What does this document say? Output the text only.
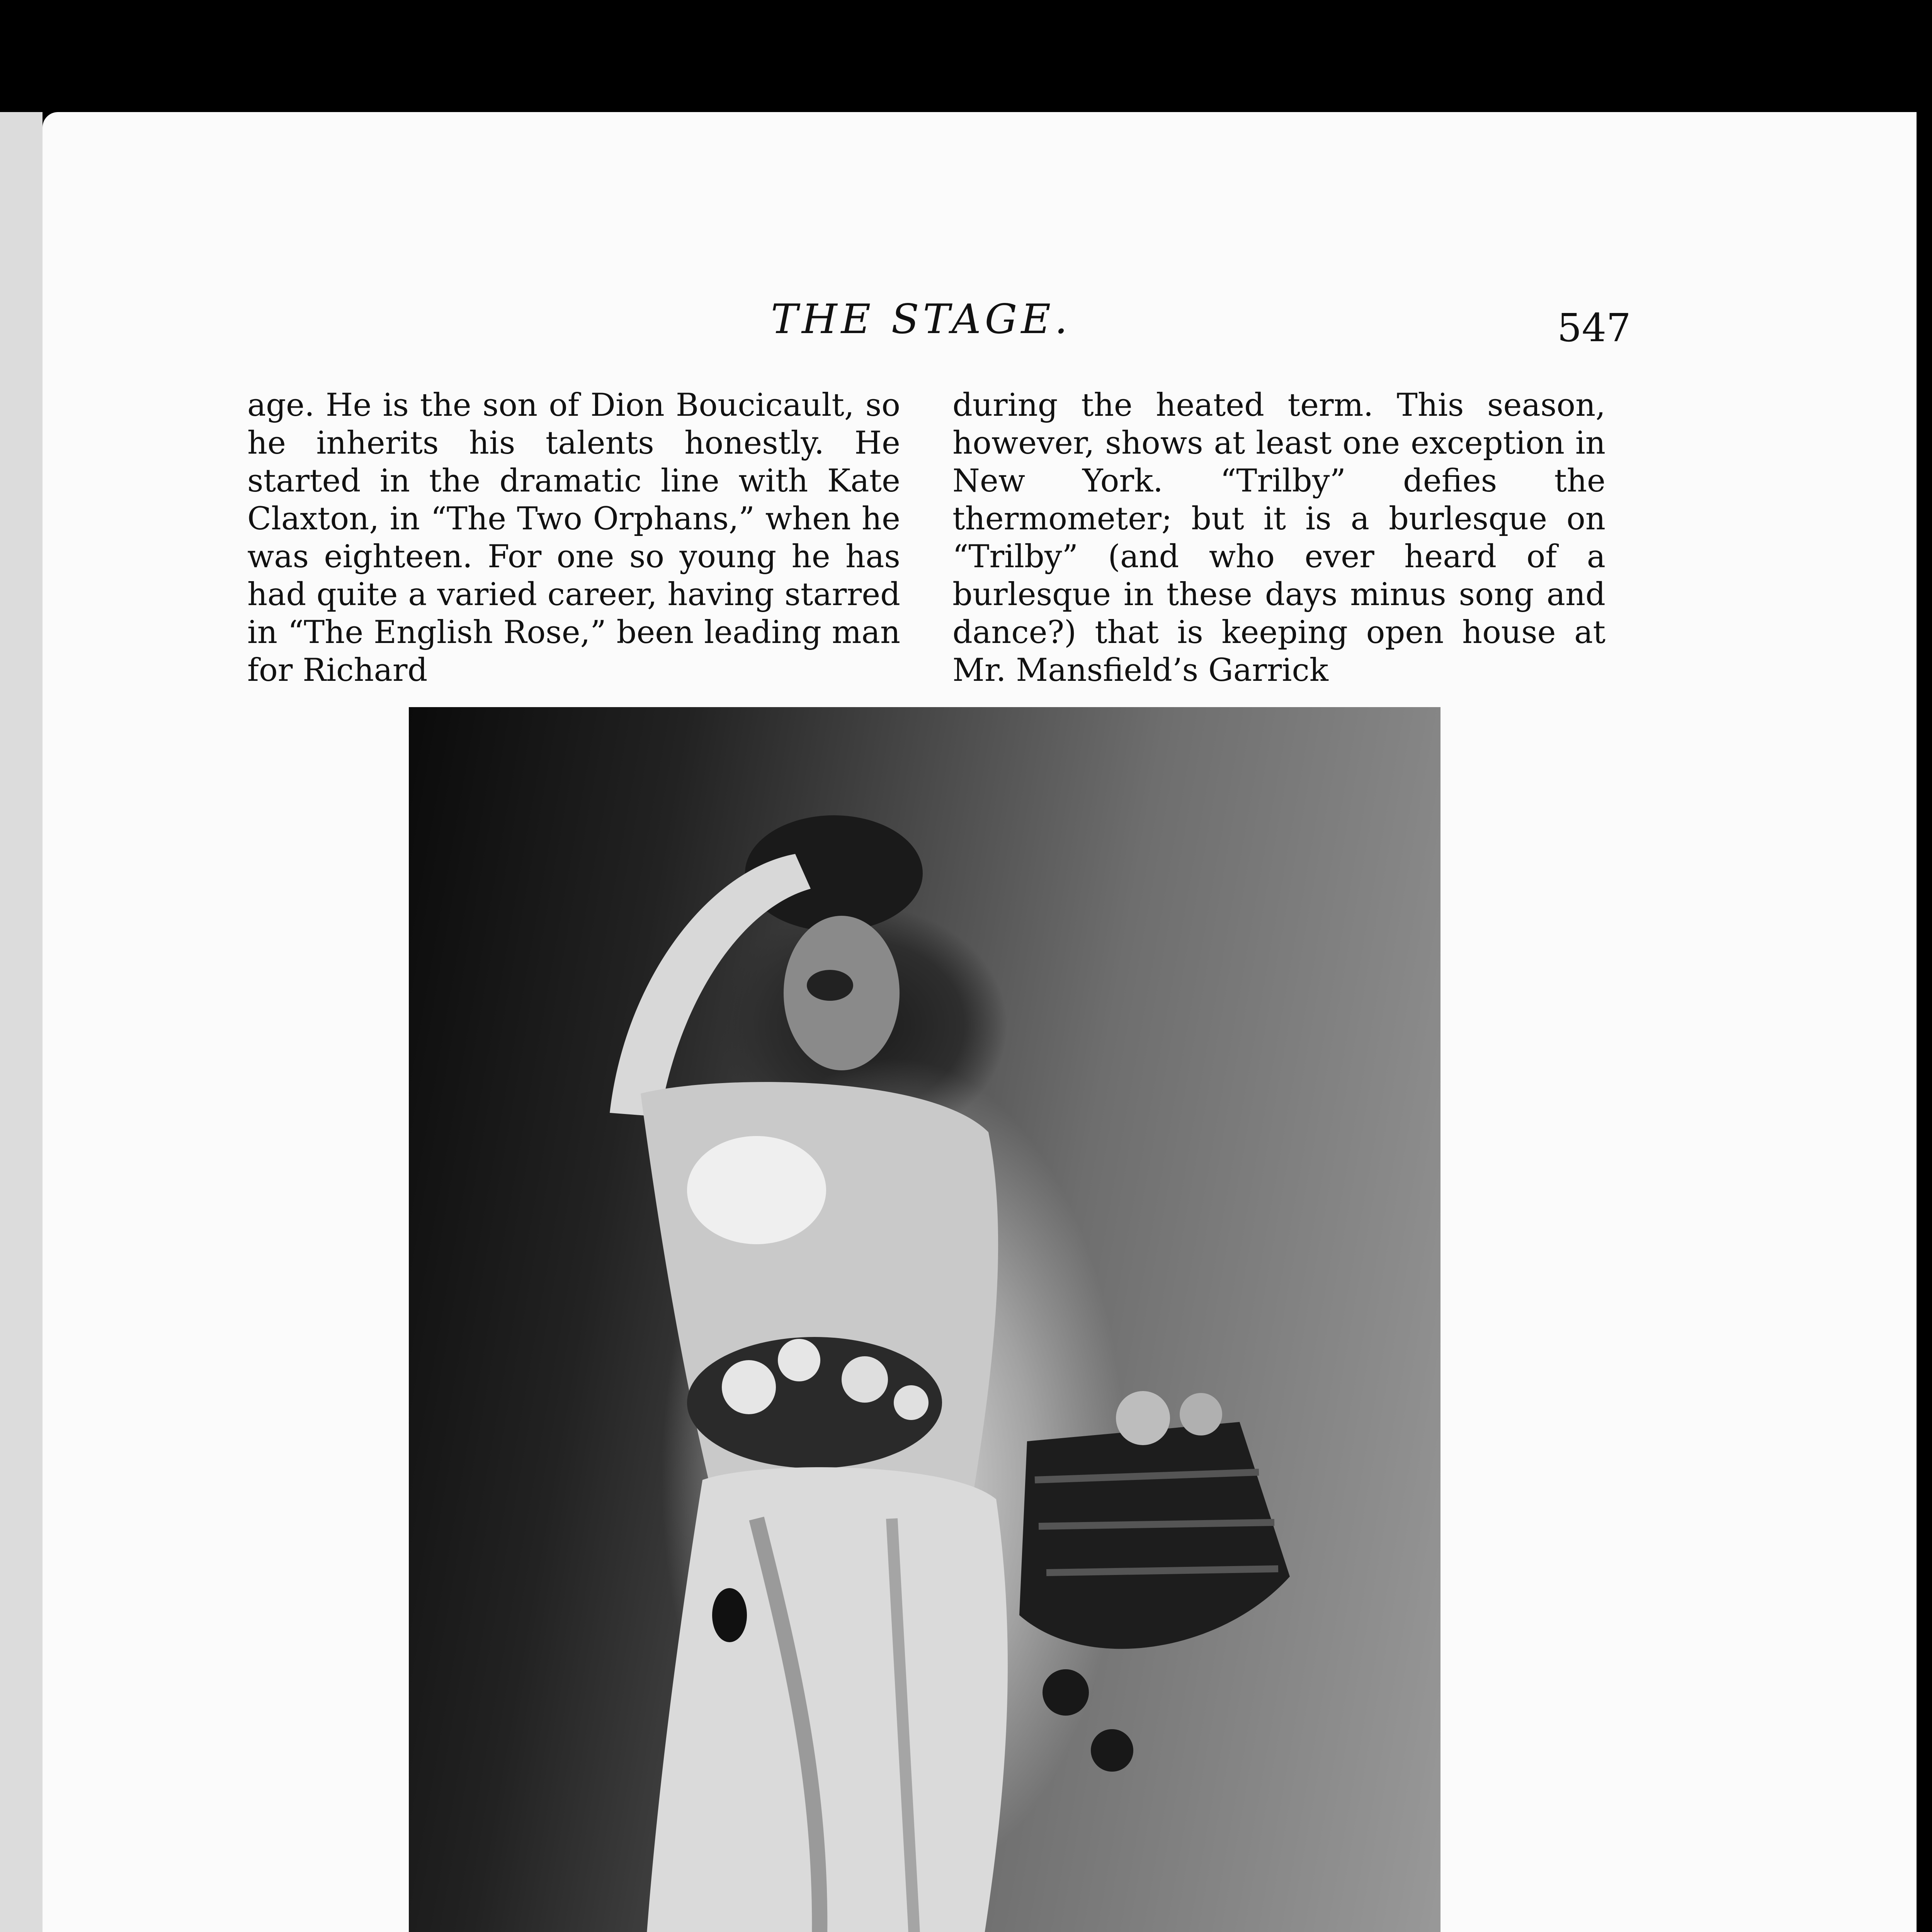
THE STAGE.	547

age. He is the son of Dion Boucicault, so he inherits his talents honestly. He started in the dramatic line with Kate Claxton, in “The Two Orphans,” when he was eighteen. For one so young he has had quite a varied career, having starred in “The English Rose,” been leading man for Richard

during the heated term. This season, however, shows at least one exception in New York. “Trilby” defies the thermometer; but it is a burlesque on “Trilby” (and who ever heard of a burlesque in these days minus song and dance?) that is keeping open house at Mr. Mansfield’s Garrick
